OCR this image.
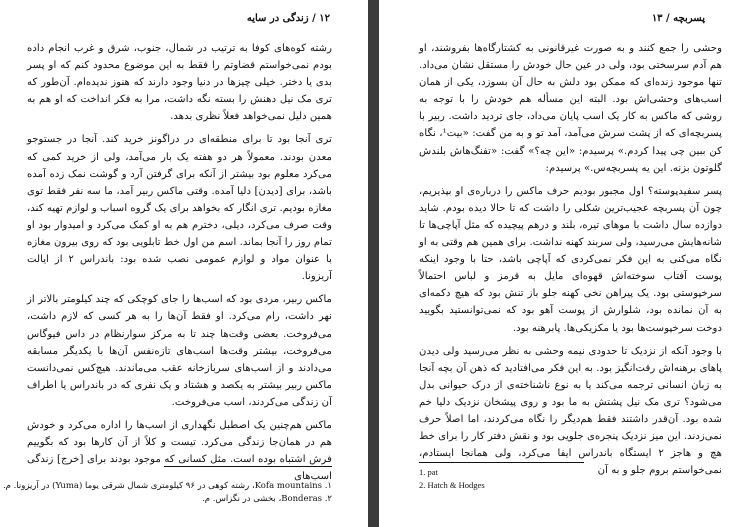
۱۲ / زندگی در سایه

رشته کوه‌های کوفا به ترتیب در شمال، جنوب، شرق و غرب انجام داده بودم نمی‌خواستم قضاوتم را فقط به این موضوع محدود کنم که او پسر بدی یا دختر. خیلی چیزها در دنیا وجود دارند که هنوز ندیده‌ام. آن‌طور که تری مک نیل دهنش را بسته نگه داشت، مرا به فکر انداخت که او هم به همین دلیل نمی‌خواهد فعلاً نظری بدهد.

تری آنجا بود تا برای منطقه‌ای در دراگونز خرید کند. آنجا در جستوجو معدن بودند. معمولاً هر دو هفته یک بار می‌آمد، ولی از خرید کمی که می‌کرد معلوم بود بیشتر از آنکه برای گرفتن آرد و گوشت نمک زده آمده باشد، برای [دیدن] دلیا آمده. وقتی ماکس ربیر آمد، ما سه نفر فقط توی مغازه بودیم. تری انگار که بخواهد برای یک گروه اسباب و لوازم تهیه کند، وقت صرف می‌کرد، دیلی، دخترم هم به او کمک می‌کرد و امیدوار بود او تمام روز را آنجا بماند. اسم من اول خط تابلویی بود که روی بیرون مغازه با عنوان مواد و لوازم عمومی نصب شده بود: باندراس ۲ از ایالت آریزونا.

ماکس ربیر، مردی بود که اسب‌ها را جای کوچکی که چند کیلومتر بالاتر از نهر داشت، رام می‌کرد. او فقط آن‌ها را به هر کسی که لازم داشت، می‌فروخت. بعضی وقت‌ها چند تا به مرکز سوارنظام در داس فیوگاس می‌فروخت، بیشتر وقت‌ها اسب‌های تازه‌نفس آن‌ها با یکدیگر مسابقه می‌دادند و از اسب‌های سربازخانه عقب می‌ماندند. هیچ‌کس نمی‌دانست ماکس ربیر بیشتر به یکصد و هشتاد و یک نفری که در باندراس یا اطراف آن زندگی می‌کردند، اسب می‌فروخت.

ماکس هم‌چنین یک اصطبل نگهداری از اسب‌ها را اداره می‌کرد و خودش هم در همان‌جا زندگی می‌کرد. تیست و کلاً از آن کارها بود که بگوییم فرش اشتباه بوده است. مثل کسانی که موجود بودند برای [خرج] زندگی اسب‌های

۱. Kofa mountains، رشته کوهی در ۹۶ کیلومتری شمال شرقی یوما (Yuma) در آریزونا. م.
۲. Bonderas، بخشی در نگزاس. م.
پسربچه / ۱۳

وحشی را جمع کنند و به صورت غیرقانونی به کشتارگاه‌ها بفروشند، او هم آدم سرسختی بود، ولی در عین حال خودش را مستقل نشان می‌داد. تنها موجود زنده‌ای که ممکن بود دلش به حال آن بسوزد، یکی از همان اسب‌های وحشی‌اش بود. البته این مسأله هم خودش را با توجه به روشی که ماکس به کار یک اسب پایان می‌داد، جای تردید داشت. ربیر با پسربچه‌ای که از پشت سرش می‌آمد، آمد تو و به من گفت: «بیت¹، نگاه کن ببین چی پیدا کردم.» پرسیدم: «این چه؟» گفت: «تفنگ‌هاش بلندش گلوتون بزنه. این یه پسربچه‌س.» پرسیدم:

پسر سفیدپوسته؟ اول مجبور بودیم حرف ماکس را درباره‌ی او بپذیریم، چون آن پسربچه عجیب‌ترین شکلی را داشت که تا حالا دیده بودم. شاید دوازده سال داشت با موهای تیره، بلند و درهم پیچیده که مثل آپاچی‌ها تا شانه‌هایش می‌رسید، ولی سربند کهنه نداشت. برای همین هم وقتی به او نگاه می‌کنی به این فکر نمی‌کردی که آپاچی باشد، حتا با وجود اینکه پوست آفتاب سوخته‌اش قهوه‌ای مایل به قرمز و لباس احتمالاً سرخپوستی بود. یک پیراهن نخی کهنه جلو باز تنش بود که هیچ دکمه‌ای به آن نمانده بود، شلوارش از پوست آهو بود که نمی‌توانستید بگویید دوخت سرخپوست‌ها بود یا مکزیکی‌ها. پابرهنه بود.

با وجود آنکه از نزدیک تا حدودی نیمه وحشی به نظر می‌رسید ولی دیدن پاهای برهنه‌اش رقت‌انگیز بود. به این فکر می‌افتادید که ذهن آن بچه آنجا به زبان انسانی ترجمه می‌کند یا به نوع ناشناخته‌ی از درک حیوانی بدل می‌شود؟ تری مک نیل پشتش به ما بود و روی پیشخان نزدیک دلیا خم شده بود. آن‌قدر داشتند فقط هم‌دیگر را نگاه می‌کردند، اما اصلاً حرف نمی‌زدند. این میز نزدیک پنجره‌ی جلویی بود و نقش دفتر کار را برای خط هچ و هاجز ۲ ایستگاه باندراس ایفا می‌کرد، ولی همانجا ایستادم، نمی‌خواستم بروم جلو و به آن

1. pat
2. Hatch & Hodges
